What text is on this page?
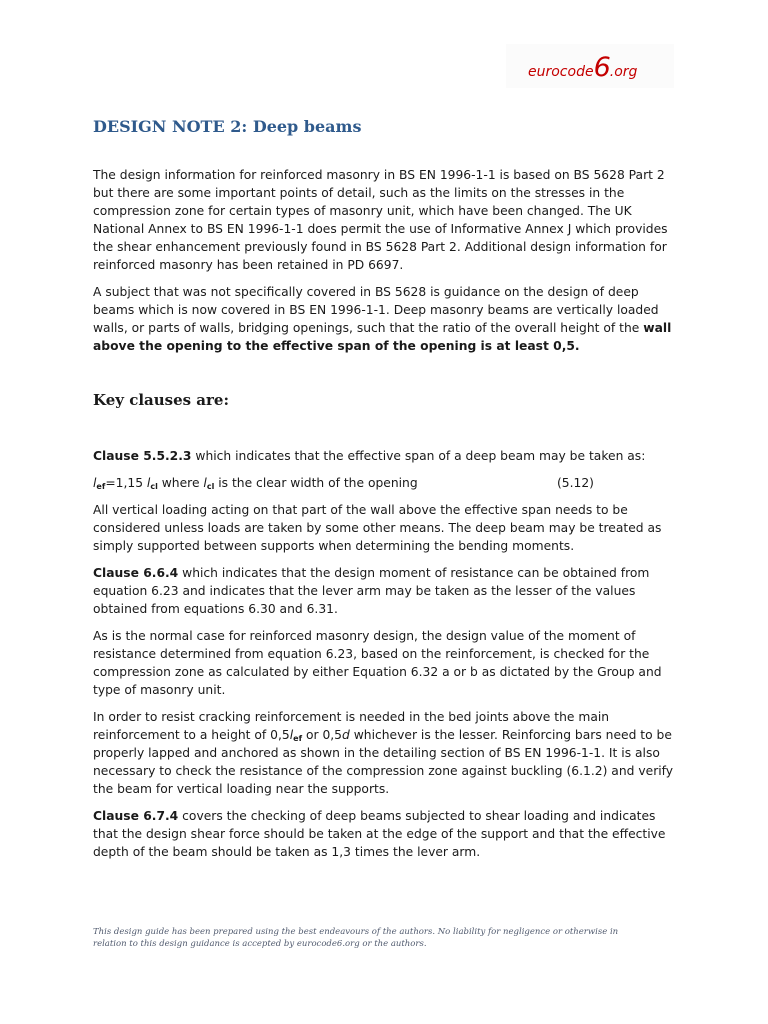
eurocode6.org
DESIGN NOTE 2: Deep beams

The design information for reinforced masonry in BS EN 1996-1-1 is based on BS 5628 Part 2 but there are some important points of detail, such as the limits on the stresses in the compression zone for certain types of masonry unit, which have been changed. The UK National Annex to BS EN 1996-1-1 does permit the use of Informative Annex J which provides the shear enhancement previously found in BS 5628 Part 2. Additional design information for reinforced masonry has been retained in PD 6697.

A subject that was not specifically covered in BS 5628 is guidance on the design of deep beams which is now covered in BS EN 1996-1-1. Deep masonry beams are vertically loaded walls, or parts of walls, bridging openings, such that the ratio of the overall height of the wall above the opening to the effective span of the opening is at least 0,5.

Key clauses are:

Clause 5.5.2.3 which indicates that the effective span of a deep beam may be taken as:

$l_{ef}=1,15$ $l_{cl}$ where $l_{cl}$ is the clear width of the opening	(5.12)

All vertical loading acting on that part of the wall above the effective span needs to be considered unless loads are taken by some other means. The deep beam may be treated as simply supported between supports when determining the bending moments.

Clause 6.6.4 which indicates that the design moment of resistance can be obtained from equation 6.23 and indicates that the lever arm may be taken as the lesser of the values obtained from equations 6.30 and 6.31.

As is the normal case for reinforced masonry design, the design value of the moment of resistance determined from equation 6.23, based on the reinforcement, is checked for the compression zone as calculated by either Equation 6.32 a or b as dictated by the Group and type of masonry unit.

In order to resist cracking reinforcement is needed in the bed joints above the main reinforcement to a height of $0,5l_{ef}$ or 0,5d whichever is the lesser. Reinforcing bars need to be properly lapped and anchored as shown in the detailing section of BS EN 1996-1-1. It is also necessary to check the resistance of the compression zone against buckling (6.1.2) and verify the beam for vertical loading near the supports.

Clause 6.7.4 covers the checking of deep beams subjected to shear loading and indicates that the design shear force should be taken at the edge of the support and that the effective depth of the beam should be taken as 1,3 times the lever arm.

This design guide has been prepared using the best endeavours of the authors. No liability for negligence or otherwise in relation to this design guidance is accepted by eurocode6.org or the authors.
